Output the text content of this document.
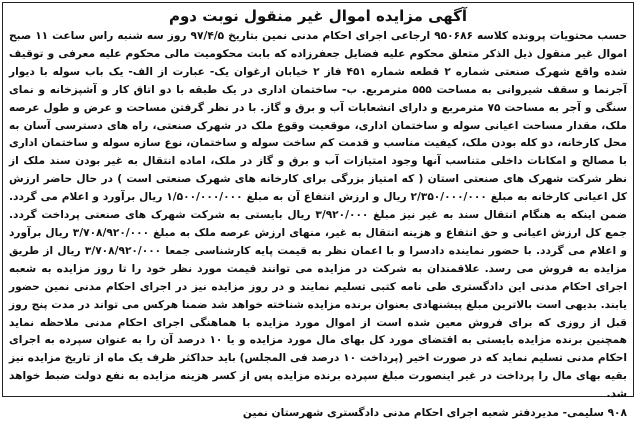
آگهی مزایده اموال غیر منقول نوبت دوم

حسب محتویات پرونده کلاسه ۹۵۰۶۸۶ ارجاعی اجرای احکام مدنی نمین بتاریخ ۹۷/۴/۵ روز سه شنبه راس ساعت ۱۱ صبح اموال غیر منقول ذیل الذکر متعلق محکوم علیه فضایل جعفرزاده که بابت محکومیت مالی محکوم علیه معرفی و توقیف شده واقع شهرک صنعتی شماره ۲ قطعه شماره ۴۵۱ فاز ۲ خیابان ارغوان یک- عبارت از الف- یک باب سوله با دیوار آجرنما و سقف شیروانی به مساحت ۵۵۵ مترمربع. ب- ساختمان اداری در یک طبقه با دو اتاق کار و آشپزخانه و نمای سنگی و آجر به مساحت ۷۵ مترمربع و دارای انشعابات آب و برق و گاز. با در نظر گرفتن مساحت و عرض و طول عرصه ملک، مقدار مساحت اعیانی سوله و ساختمان اداری، موقعیت وقوع ملک در شهرک صنعتی، راه های دسترسی آسان به محل کارخانه، دو کله بودن ملک، کیفیت مناسب و قدمت کم ساخت سوله و ساختمان، نوع سازه سوله و ساختمان اداری با مصالح و امکانات داخلی متناسب آنها وجود امتیازات آب و برق و گاز در ملک، اماده انتقال به غیر بودن سند ملک از نظر شرکت شهرک های صنعتی استان ( که امتیاز بزرگی برای کارخانه های شهرک صنعتی است ) در حال حاضر ارزش کل اعیانی کارخانه به مبلغ ۲/۳۵۰/۰۰۰/۰۰۰ ریال و ارزش انتفاع آن به مبلغ ۱/۵۰۰/۰۰۰/۰۰۰ ریال برآورد و اعلام می گردد. ضمن اینکه به هنگام انتقال سند به غیر نیز مبلغ ۳/۹۲۰/۰۰۰ ریال بایستی به شرکت شهرک های صنعتی پرداخت گردد. جمع کل ارزش اعیانی و حق انتفاع و هزینه انتقال به غیر، منهای ارزش عرصه ملک به مبلغ ۳/۷۰۸/۹۲۰/۰۰۰ ریال برآورد و اعلام می گردد. با حضور نماینده دادسرا و با اعمان نظر به قیمت پایه کارشناسی جمعا ۳/۷۰۸/۹۲۰/۰۰۰ ریال از طریق مزایده به فروش می رسد. علاقمندان به شرکت در مزایده می توانند قیمت مورد نظر خود را تا روز مزایده به شعبه اجرای احکام مدنی این دادگستری طی نامه کتبی تسلیم نمایند و در روز مزایده نیز در اجرای احکام مدنی نمین حضور یابند. بدیهی است بالاترین مبلغ پیشنهادی بعنوان برنده مزایده شناخته خواهد شد ضمنا هرکس می تواند در مدت پنج روز قبل از روزی که برای فروش معین شده است از اموال مورد مزایده با هماهنگی اجرای احکام مدنی ملاحظه نماید همچنین برنده مزایده بایستی به اقتضای مورد کل بهای مال مورد مزایده و یا ۱۰ درصد آن را به عنوان سپرده به اجرای احکام مدنی تسلیم نماید که در صورت اخیر (پرداخت ۱۰ درصد فی المجلس) باید حداکثر ظرف یک ماه از تاریخ مزایده نیز بقیه بهای مال را پرداخت در غیر اینصورت مبلغ سپرده برنده مزایده پس از کسر هزینه مزایده به نفع دولت ضبط خواهد شد.

۹۰۸ سلیمی- مدیردفتر شعبه اجرای احکام مدنی دادگستری شهرستان نمین
